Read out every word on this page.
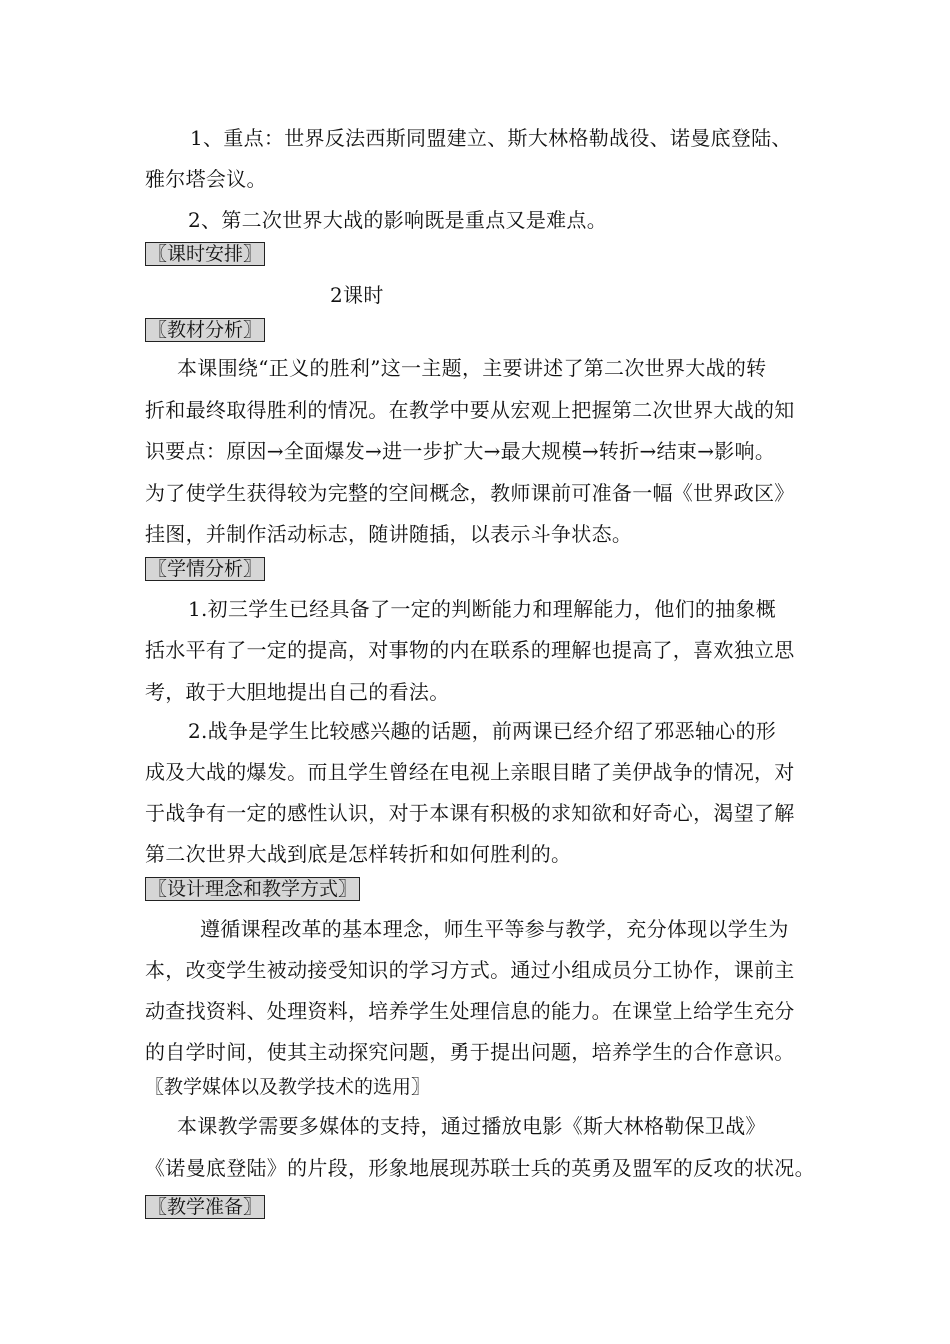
1、重点：世界反法西斯同盟建立、斯大林格勒战役、诺曼底登陆、
雅尔塔会议。
2、第二次世界大战的影响既是重点又是难点。
〖课时安排〗
2课时
〖教材分析〗
本课围绕“正义的胜利”这一主题，主要讲述了第二次世界大战的转
折和最终取得胜利的情况。在教学中要从宏观上把握第二次世界大战的知
识要点：原因→全面爆发→进一步扩大→最大规模→转折→结束→影响。
为了使学生获得较为完整的空间概念，教师课前可准备一幅《世界政区》
挂图，并制作活动标志，随讲随插，以表示斗争状态。
〖学情分析〗
1.初三学生已经具备了一定的判断能力和理解能力，他们的抽象概
括水平有了一定的提高，对事物的内在联系的理解也提高了，喜欢独立思
考，敢于大胆地提出自己的看法。
2.战争是学生比较感兴趣的话题，前两课已经介绍了邪恶轴心的形
成及大战的爆发。而且学生曾经在电视上亲眼目睹了美伊战争的情况，对
于战争有一定的感性认识，对于本课有积极的求知欲和好奇心，渴望了解
第二次世界大战到底是怎样转折和如何胜利的。
〖设计理念和教学方式〗
遵循课程改革的基本理念，师生平等参与教学，充分体现以学生为
本，改变学生被动接受知识的学习方式。通过小组成员分工协作，课前主
动查找资料、处理资料，培养学生处理信息的能力。在课堂上给学生充分
的自学时间，使其主动探究问题，勇于提出问题，培养学生的合作意识。
〖教学媒体以及教学技术的选用〗
本课教学需要多媒体的支持，通过播放电影《斯大林格勒保卫战》
《诺曼底登陆》的片段，形象地展现苏联士兵的英勇及盟军的反攻的状况。
〖教学准备〗
